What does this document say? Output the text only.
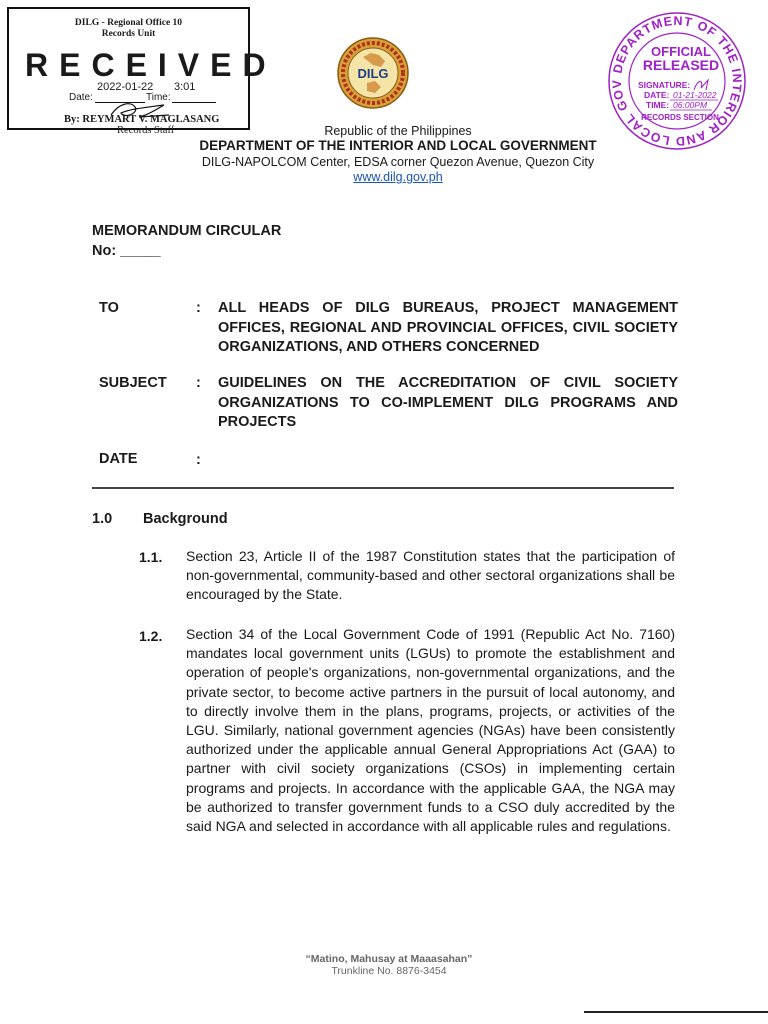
DILG - Regional Office 10
Records Unit
RECEIVED
2022-01-22 3:01
Date:	Time:
By: REYMART V. MAGLASANG
Records Staff
DILG	DEPARTMENT OF THE INTERIOR AND LOCAL GOV
OFFICIAL
RELEASED
SIGNATURE:
DATE: 01-21-2022
TIME: 06:00PM
RECORDS SECTION
Republic of the Philippines
DEPARTMENT OF THE INTERIOR AND LOCAL GOVERNMENT
DILG-NAPOLCOM Center, EDSA corner Quezon Avenue, Quezon City
www.dilg.gov.ph
MEMORANDUM CIRCULAR
No: _____
TO	: ALL HEADS OF DILG BUREAUS, PROJECT MANAGEMENT OFFICES, REGIONAL AND PROVINCIAL OFFICES, CIVIL SOCIETY ORGANIZATIONS, AND OTHERS CONCERNED
SUBJECT : GUIDELINES ON THE ACCREDITATION OF CIVIL SOCIETY ORGANIZATIONS TO CO-IMPLEMENT DILG PROGRAMS AND PROJECTS
DATE	:
1.0 Background
1.1. Section 23, Article II of the 1987 Constitution states that the participation of non-governmental, community-based and other sectoral organizations shall be encouraged by the State.
1.2. Section 34 of the Local Government Code of 1991 (Republic Act No. 7160) mandates local government units (LGUs) to promote the establishment and operation of people's organizations, non-governmental organizations, and the private sector, to become active partners in the pursuit of local autonomy, and to directly involve them in the plans, programs, projects, or activities of the LGU. Similarly, national government agencies (NGAs) have been consistently authorized under the applicable annual General Appropriations Act (GAA) to partner with civil society organizations (CSOs) in implementing certain programs and projects. In accordance with the applicable GAA, the NGA may be authorized to transfer government funds to a CSO duly accredited by the said NGA and selected in accordance with all applicable rules and regulations.
“Matino, Mahusay at Maaasahan”
Trunkline No. 8876-3454
